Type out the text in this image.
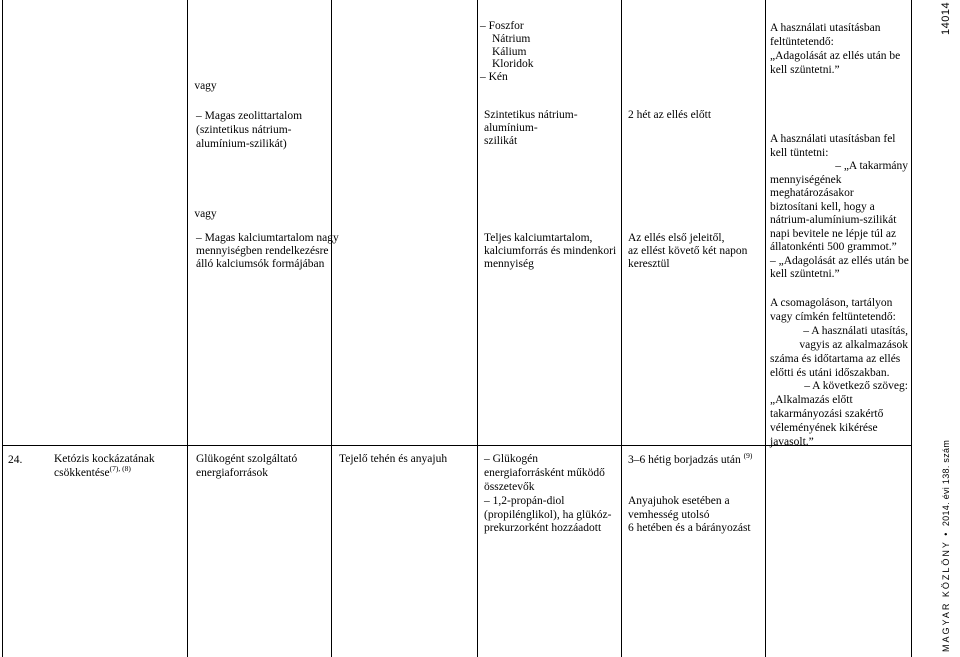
vagy
– Magas zeolittartalom
(szintetikus nátrium-
alumínium-szilikát)
vagy
– Magas kalciumtartalom nagy
mennyiségben rendelkezésre
álló kalciumsók formájában
– Foszfor
Nátrium
Kálium
Kloridok
– Kén
Szintetikus nátrium-
alumínium-
szilikát
Teljes kalciumtartalom,
kalciumforrás és mindenkori
mennyiség
2 hét az ellés előtt
Az ellés első jeleitől,
az ellést követő két napon
keresztül
A használati utasításban
feltüntetendő:
„Adagolását az ellés után be
kell szüntetni.”
A használati utasításban fel
kell tüntetni:
– „A takarmány
mennyiségének
meghatározásakor
biztosítani kell, hogy a
nátrium-alumínium-szilikát
napi bevitele ne lépje túl az
állatonkénti 500 grammot.”
– „Adagolását az ellés után be
kell szüntetni.”
A csomagoláson, tartályon
vagy címkén feltüntetendő:
– A használati utasítás,
vagyis az alkalmazások
száma és időtartama az ellés
előtti és utáni időszakban.
– A következő szöveg:
„Alkalmazás előtt
takarmányozási szakértő
véleményének kikérése
javasolt.”
24.	Ketózis kockázatának
csökkentése$^{(7), (8)}$
Glükogént szolgáltató
energiaforrások
Tejelő tehén és anyajuh	– Glükogén
energiaforrásként működő
összetevők
– 1,2-propán-diol
(propilénglikol), ha glükóz-
prekurzorként hozzáadott
3–6 hétig borjadzás után $^{(9)}$
Anyajuhok esetében a
vemhesség utolsó
6 hetében és a bárányozást
14014
MAGYAR KÖZLÖNY • 2014. évi 138. szám
